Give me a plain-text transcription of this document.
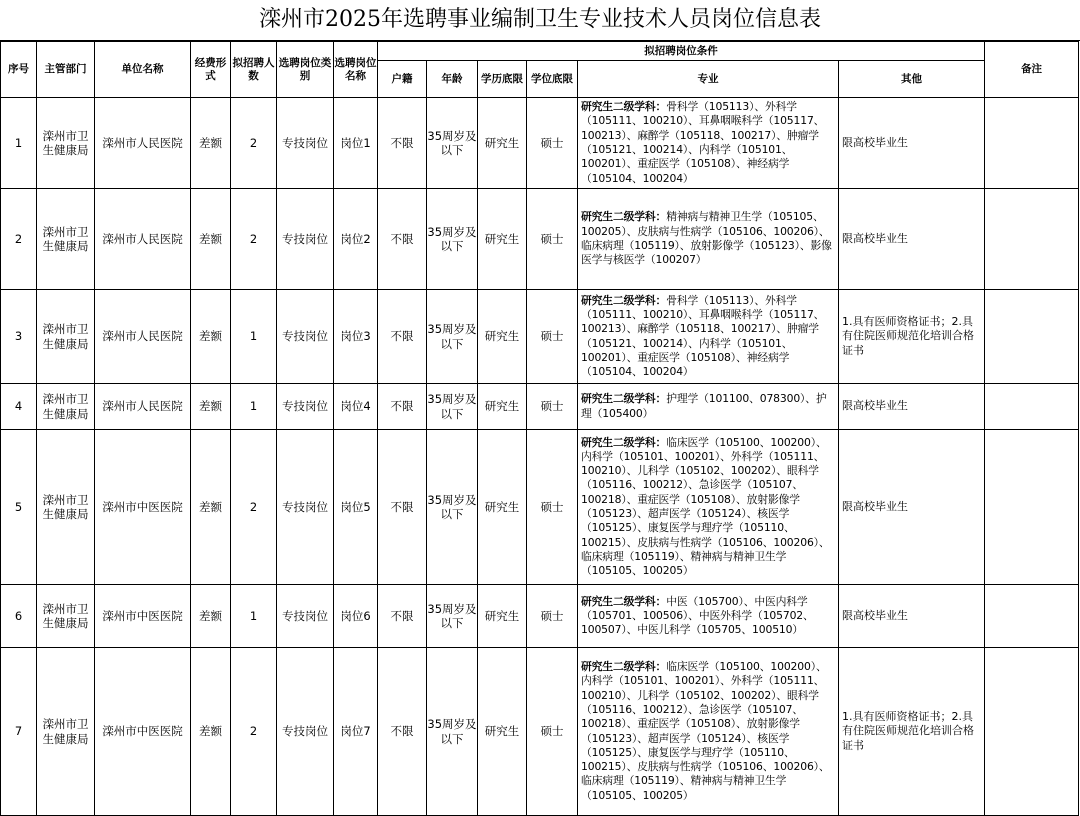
滦州市2025年选聘事业编制卫生专业技术人员岗位信息表
序号	主管部门	单位名称	经费形式	拟招聘人数	选聘岗位类别	选聘岗位名称	拟招聘岗位条件						备注
							户籍	年龄	学历底限	学位底限	专业	其他	
1	滦州市卫生健康局	滦州市人民医院	差额	2	专技岗位	岗位1	不限	35周岁及以下	研究生	硕士	研究生二级学科：骨科学（105113）、外科学（105111、100210）、耳鼻咽喉科学（105117、100213）、麻醉学（105118、100217）、肿瘤学（105121、100214）、内科学（105101、100201）、重症医学（105108）、神经病学（105104、100204）	限高校毕业生	
2	滦州市卫生健康局	滦州市人民医院	差额	2	专技岗位	岗位2	不限	35周岁及以下	研究生	硕士	研究生二级学科：精神病与精神卫生学（105105、100205）、皮肤病与性病学（105106、100206）、临床病理（105119）、放射影像学（105123）、影像医学与核医学（100207）	限高校毕业生	
3	滦州市卫生健康局	滦州市人民医院	差额	1	专技岗位	岗位3	不限	35周岁及以下	研究生	硕士	研究生二级学科：骨科学（105113）、外科学（105111、100210）、耳鼻咽喉科学（105117、100213）、麻醉学（105118、100217）、肿瘤学（105121、100214）、内科学（105101、100201）、重症医学（105108）、神经病学（105104、100204）	1.具有医师资格证书；2.具有住院医师规范化培训合格证书	
4	滦州市卫生健康局	滦州市人民医院	差额	1	专技岗位	岗位4	不限	35周岁及以下	研究生	硕士	研究生二级学科：护理学（101100、078300）、护理（105400）	限高校毕业生	
5	滦州市卫生健康局	滦州市中医医院	差额	2	专技岗位	岗位5	不限	35周岁及以下	研究生	硕士	研究生二级学科：临床医学（105100、100200）、内科学（105101、100201）、外科学（105111、100210）、儿科学（105102、100202）、眼科学（105116、100212）、急诊医学（105107、100218）、重症医学（105108）、放射影像学（105123）、超声医学（105124）、核医学（105125）、康复医学与理疗学（105110、100215）、皮肤病与性病学（105106、100206）、临床病理（105119）、精神病与精神卫生学（105105、100205）	限高校毕业生	
6	滦州市卫生健康局	滦州市中医医院	差额	1	专技岗位	岗位6	不限	35周岁及以下	研究生	硕士	研究生二级学科：中医（105700）、中医内科学（105701、100506）、中医外科学（105702、100507）、中医儿科学（105705、100510）	限高校毕业生	
7	滦州市卫生健康局	滦州市中医医院	差额	2	专技岗位	岗位7	不限	35周岁及以下	研究生	硕士	研究生二级学科：临床医学（105100、100200）、内科学（105101、100201）、外科学（105111、100210）、儿科学（105102、100202）、眼科学（105116、100212）、急诊医学（105107、100218）、重症医学（105108）、放射影像学（105123）、超声医学（105124）、核医学（105125）、康复医学与理疗学（105110、100215）、皮肤病与性病学（105106、100206）、临床病理（105119）、精神病与精神卫生学（105105、100205）	1.具有医师资格证书；2.具有住院医师规范化培训合格证书	
